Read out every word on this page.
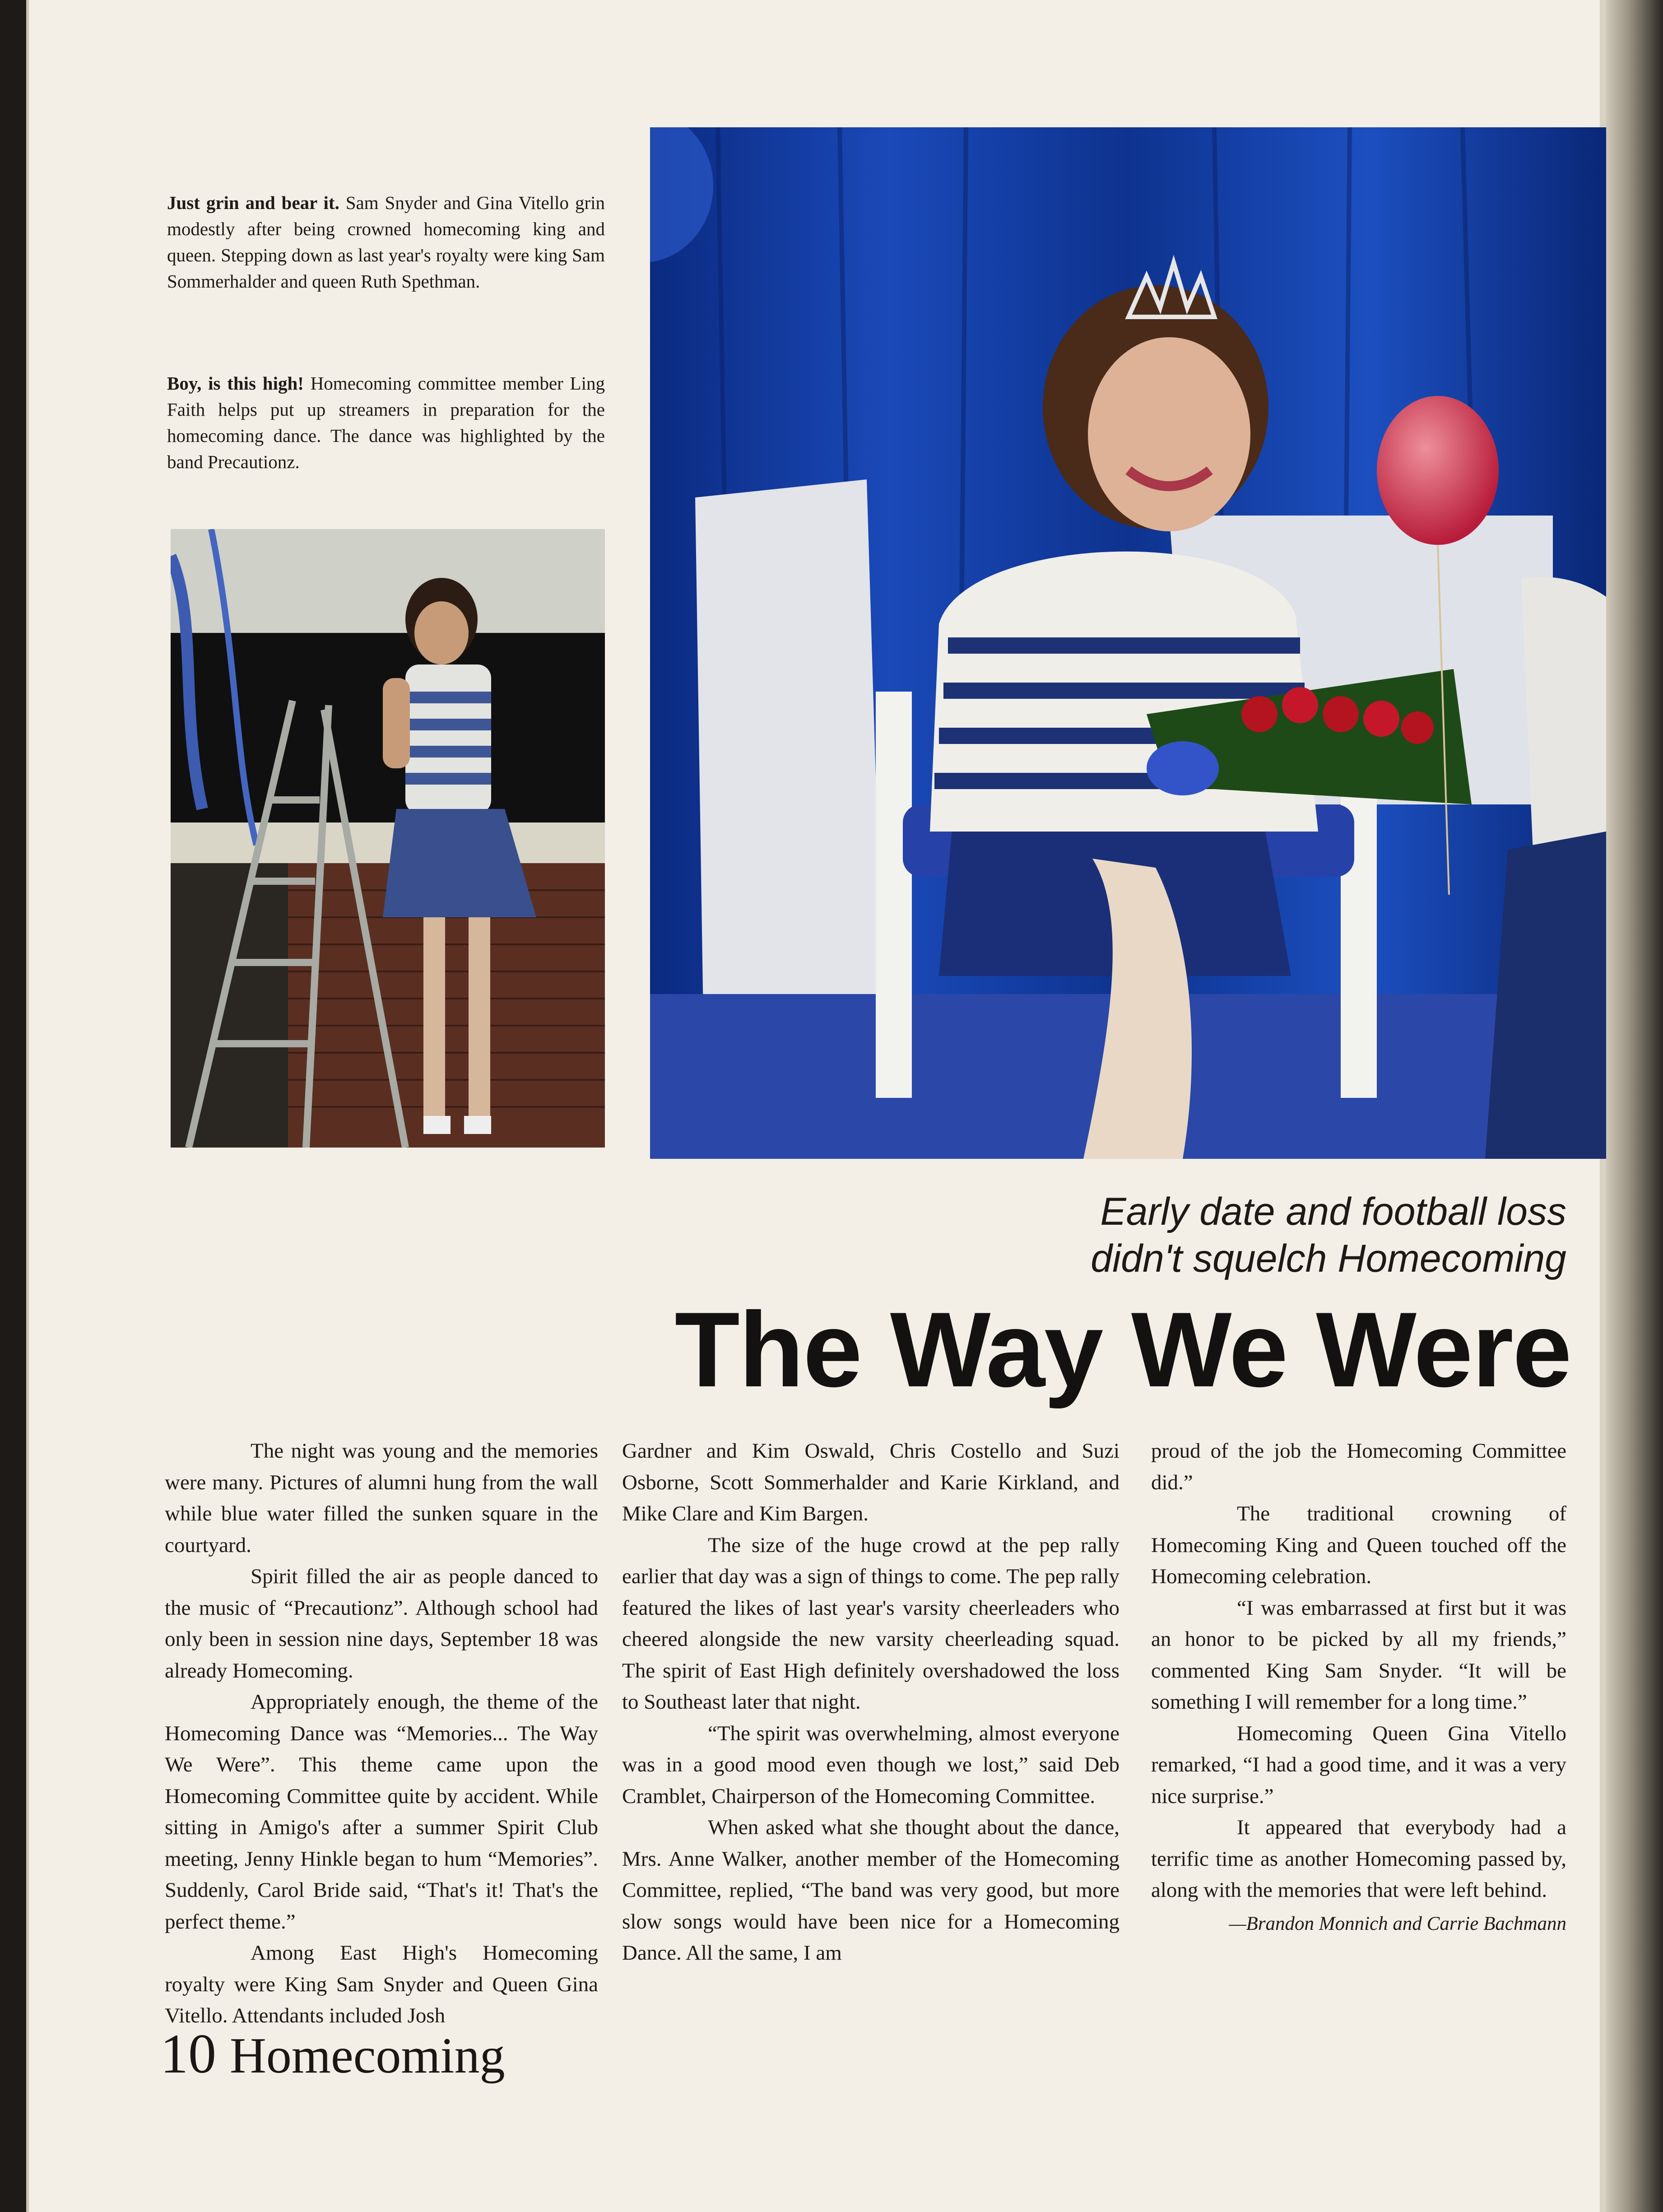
Just grin and bear it. Sam Snyder and Gina Vitello grin modestly after being crowned homecoming king and queen. Stepping down as last year's royalty were king Sam Sommerhalder and queen Ruth Spethman.
Boy, is this high! Homecoming committee member Ling Faith helps put up streamers in preparation for the homecoming dance. The dance was highlighted by the band Precautionz.
Early date and football loss
didn't squelch Homecoming
The Way We Were

The night was young and the memories were many. Pictures of alumni hung from the wall while blue water filled the sunken square in the courtyard.

Spirit filled the air as people danced to the music of “Precautionz”. Although school had only been in session nine days, September 18 was already Homecoming.

Appropriately enough, the theme of the Homecoming Dance was “Memories... The Way We Were”. This theme came upon the Homecoming Committee quite by accident. While sitting in Amigo's after a summer Spirit Club meeting, Jenny Hinkle began to hum “Memories”. Suddenly, Carol Bride said, “That's it! That's the perfect theme.”

Among East High's Homecoming royalty were King Sam Snyder and Queen Gina Vitello. Attendants included Josh

Gardner and Kim Oswald, Chris Costello and Suzi Osborne, Scott Sommerhalder and Karie Kirkland, and Mike Clare and Kim Bargen.

The size of the huge crowd at the pep rally earlier that day was a sign of things to come. The pep rally featured the likes of last year's varsity cheerleaders who cheered alongside the new varsity cheerleading squad. The spirit of East High definitely overshadowed the loss to Southeast later that night.

“The spirit was overwhelming, almost everyone was in a good mood even though we lost,” said Deb Cramblet, Chairperson of the Homecoming Committee.

When asked what she thought about the dance, Mrs. Anne Walker, another member of the Homecoming Committee, replied, “The band was very good, but more slow songs would have been nice for a Homecoming Dance. All the same, I am

proud of the job the Homecoming Committee did.”

The traditional crowning of Homecoming King and Queen touched off the Homecoming celebration.

“I was embarrassed at first but it was an honor to be picked by all my friends,” commented King Sam Snyder. “It will be something I will remember for a long time.”

Homecoming Queen Gina Vitello remarked, “I had a good time, and it was a very nice surprise.”

It appeared that everybody had a terrific time as another Homecoming passed by, along with the memories that were left behind.

—Brandon Monnich and Carrie Bachmann

10 Homecoming
